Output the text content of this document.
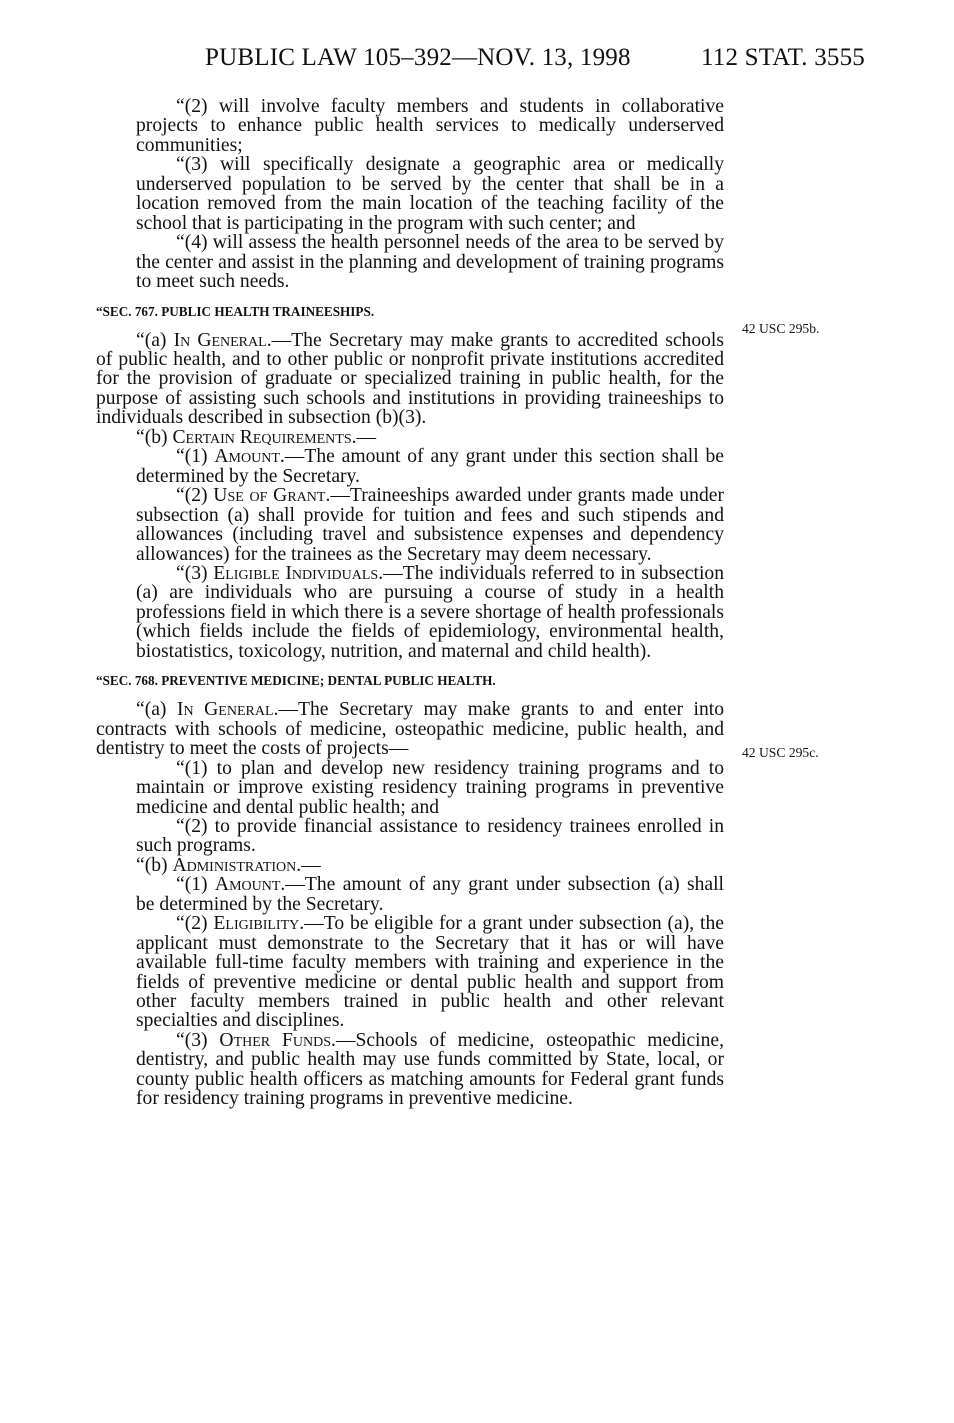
PUBLIC LAW 105–392—NOV. 13, 1998	112 STAT. 3555
42 USC 295b.
42 USC 295c.

“(2) will involve faculty members and students in collaborative projects to enhance public health services to medically underserved communities;

“(3) will specifically designate a geographic area or medically underserved population to be served by the center that shall be in a location removed from the main location of the teaching facility of the school that is participating in the program with such center; and

“(4) will assess the health personnel needs of the area to be served by the center and assist in the planning and development of training programs to meet such needs.

“SEC. 767. PUBLIC HEALTH TRAINEESHIPS.

“(a) In General.—The Secretary may make grants to accredited schools of public health, and to other public or nonprofit private institutions accredited for the provision of graduate or specialized training in public health, for the purpose of assisting such schools and institutions in providing traineeships to individuals described in subsection (b)(3).

“(b) Certain Requirements.—

“(1) Amount.—The amount of any grant under this section shall be determined by the Secretary.

“(2) Use of Grant.—Traineeships awarded under grants made under subsection (a) shall provide for tuition and fees and such stipends and allowances (including travel and subsistence expenses and dependency allowances) for the trainees as the Secretary may deem necessary.

“(3) Eligible Individuals.—The individuals referred to in subsection (a) are individuals who are pursuing a course of study in a health professions field in which there is a severe shortage of health professionals (which fields include the fields of epidemiology, environmental health, biostatistics, toxicology, nutrition, and maternal and child health).

“SEC. 768. PREVENTIVE MEDICINE; DENTAL PUBLIC HEALTH.

“(a) In General.—The Secretary may make grants to and enter into contracts with schools of medicine, osteopathic medicine, public health, and dentistry to meet the costs of projects—

“(1) to plan and develop new residency training programs and to maintain or improve existing residency training programs in preventive medicine and dental public health; and

“(2) to provide financial assistance to residency trainees enrolled in such programs.

“(b) Administration.—

“(1) Amount.—The amount of any grant under subsection (a) shall be determined by the Secretary.

“(2) Eligibility.—To be eligible for a grant under subsection (a), the applicant must demonstrate to the Secretary that it has or will have available full-time faculty members with training and experience in the fields of preventive medicine or dental public health and support from other faculty members trained in public health and other relevant specialties and disciplines.

“(3) Other Funds.—Schools of medicine, osteopathic medicine, dentistry, and public health may use funds committed by State, local, or county public health officers as matching amounts for Federal grant funds for residency training programs in preventive medicine.
